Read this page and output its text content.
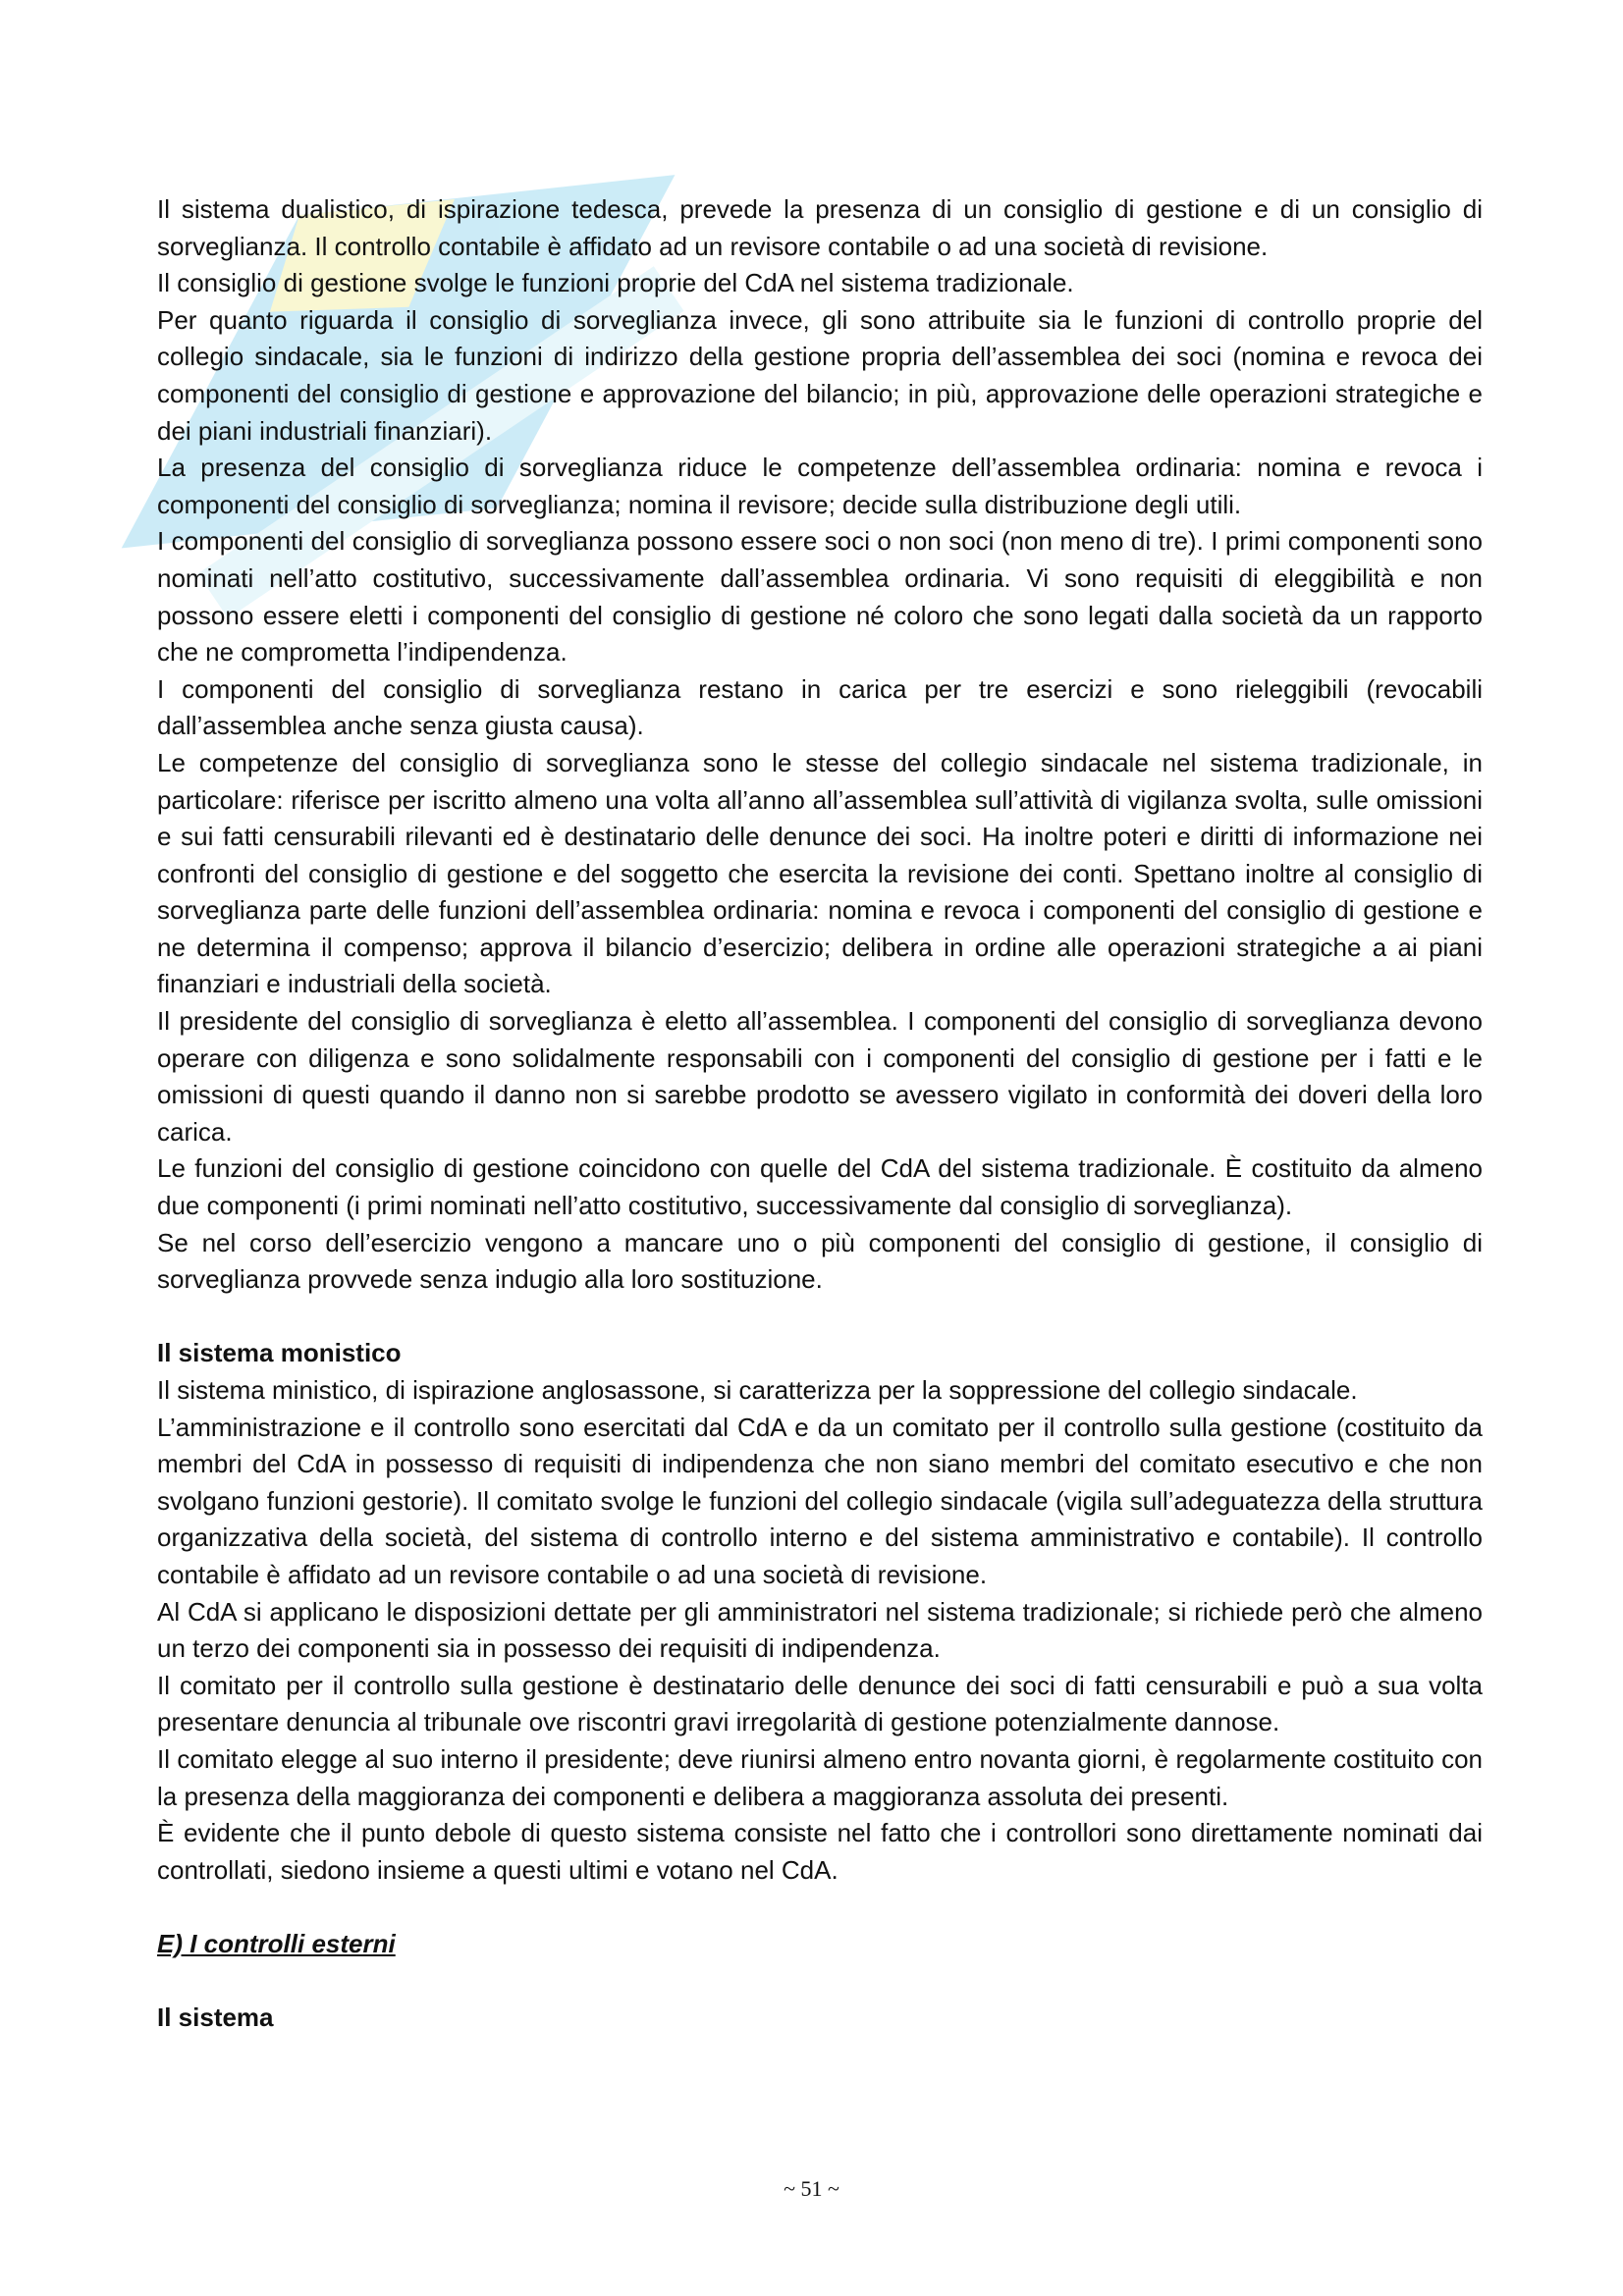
Il sistema dualistico, di ispirazione tedesca, prevede la presenza di un consiglio di gestione e di un consiglio di sorveglianza. Il controllo contabile è affidato ad un revisore contabile o ad una società di revisione.

Il consiglio di gestione svolge le funzioni proprie del CdA nel sistema tradizionale.

Per quanto riguarda il consiglio di sorveglianza invece, gli sono attribuite sia le funzioni di controllo proprie del collegio sindacale, sia le funzioni di indirizzo della gestione propria dell’assemblea dei soci (nomina e revoca dei componenti del consiglio di gestione e approvazione del bilancio; in più, approvazione delle operazioni strategiche e dei piani industriali finanziari).

La presenza del consiglio di sorveglianza riduce le competenze dell’assemblea ordinaria: nomina e revoca i componenti del consiglio di sorveglianza; nomina il revisore; decide sulla distribuzione degli utili.

I componenti del consiglio di sorveglianza possono essere soci o non soci (non meno di tre). I primi componenti sono nominati nell’atto costitutivo, successivamente dall’assemblea ordinaria. Vi sono requisiti di eleggibilità e non possono essere eletti i componenti del consiglio di gestione né coloro che sono legati dalla società da un rapporto che ne comprometta l’indipendenza.

I componenti del consiglio di sorveglianza restano in carica per tre esercizi e sono rieleggibili (revocabili dall’assemblea anche senza giusta causa).

Le competenze del consiglio di sorveglianza sono le stesse del collegio sindacale nel sistema tradizionale, in particolare: riferisce per iscritto almeno una volta all’anno all’assemblea sull’attività di vigilanza svolta, sulle omissioni e sui fatti censurabili rilevanti ed è destinatario delle denunce dei soci. Ha inoltre poteri e diritti di informazione nei confronti del consiglio di gestione e del soggetto che esercita la revisione dei conti. Spettano inoltre al consiglio di sorveglianza parte delle funzioni dell’assemblea ordinaria: nomina e revoca i componenti del consiglio di gestione e ne determina il compenso; approva il bilancio d’esercizio; delibera in ordine alle operazioni strategiche a ai piani finanziari e industriali della società.

Il presidente del consiglio di sorveglianza è eletto all’assemblea. I componenti del consiglio di sorveglianza devono operare con diligenza e sono solidalmente responsabili con i componenti del consiglio di gestione per i fatti e le omissioni di questi quando il danno non si sarebbe prodotto se avessero vigilato in conformità dei doveri della loro carica.

Le funzioni del consiglio di gestione coincidono con quelle del CdA del sistema tradizionale. È costituito da almeno due componenti (i primi nominati nell’atto costitutivo, successivamente dal consiglio di sorveglianza).

Se nel corso dell’esercizio vengono a mancare uno o più componenti del consiglio di gestione, il consiglio di sorveglianza provvede senza indugio alla loro sostituzione.

Il sistema monistico

Il sistema ministico, di ispirazione anglosassone, si caratterizza per la soppressione del collegio sindacale.

L’amministrazione e il controllo sono esercitati dal CdA e da un comitato per il controllo sulla gestione (costituito da membri del CdA in possesso di requisiti di indipendenza che non siano membri del comitato esecutivo e che non svolgano funzioni gestorie). Il comitato svolge le funzioni del collegio sindacale (vigila sull’adeguatezza della struttura organizzativa della società, del sistema di controllo interno e del sistema amministrativo e contabile). Il controllo contabile è affidato ad un revisore contabile o ad una società di revisione.

Al CdA si applicano le disposizioni dettate per gli amministratori nel sistema tradizionale; si richiede però che almeno un terzo dei componenti sia in possesso dei requisiti di indipendenza.

Il comitato per il controllo sulla gestione è destinatario delle denunce dei soci di fatti censurabili e può a sua volta presentare denuncia al tribunale ove riscontri gravi irregolarità di gestione potenzialmente dannose.

Il comitato elegge al suo interno il presidente; deve riunirsi almeno entro novanta giorni, è regolarmente costituito con la presenza della maggioranza dei componenti e delibera a maggioranza assoluta dei presenti.

È evidente che il punto debole di questo sistema consiste nel fatto che i controllori sono direttamente nominati dai controllati, siedono insieme a questi ultimi e votano nel CdA.

E) I controlli esterni

Il sistema

~ 51 ~
